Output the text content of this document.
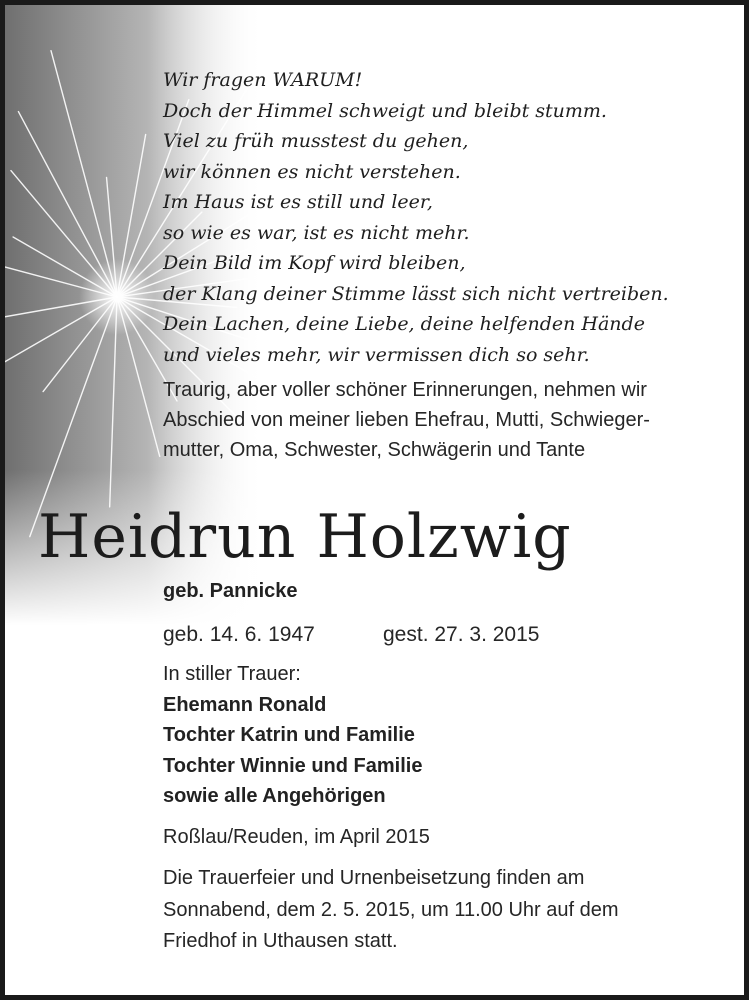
Wir fragen WARUM!
Doch der Himmel schweigt und bleibt stumm.
Viel zu früh musstest du gehen,
wir können es nicht verstehen.
Im Haus ist es still und leer,
so wie es war, ist es nicht mehr.
Dein Bild im Kopf wird bleiben,
der Klang deiner Stimme lässt sich nicht vertreiben.
Dein Lachen, deine Liebe, deine helfenden Hände
und vieles mehr, wir vermissen dich so sehr.
Traurig, aber voller schöner Erinnerungen, nehmen wir
Abschied von meiner lieben Ehefrau, Mutti, Schwieger-
mutter, Oma, Schwester, Schwägerin und Tante
Heidrun Holzwig
geb. Pannicke
geb. 14. 6. 1947	gest. 27. 3. 2015
In stiller Trauer:
Ehemann Ronald
Tochter Katrin und Familie
Tochter Winnie und Familie
sowie alle Angehörigen
Roßlau/Reuden, im April 2015
Die Trauerfeier und Urnenbeisetzung finden am
Sonnabend, dem 2. 5. 2015, um 11.00 Uhr auf dem
Friedhof in Uthausen statt.
